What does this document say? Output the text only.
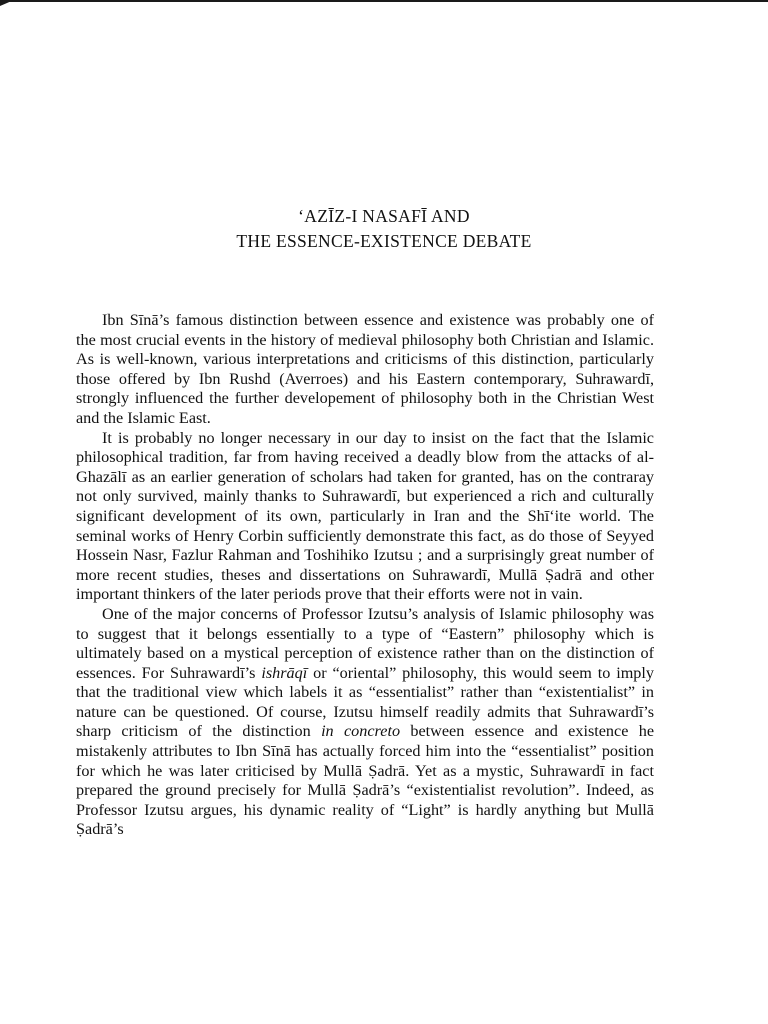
‘AZĪZ-I NASAFĪ AND
THE ESSENCE-EXISTENCE DEBATE

Ibn Sīnā’s famous distinction between essence and existence was probably one of the most crucial events in the history of medieval philosophy both Christian and Islamic. As is well-known, various interpretations and criticisms of this distinction, particularly those offered by Ibn Rushd (Averroes) and his Eastern contemporary, Suhrawardī, strongly influenced the further developement of philosophy both in the Christian West and the Islamic East.

It is probably no longer necessary in our day to insist on the fact that the Islamic philosophical tradition, far from having received a deadly blow from the attacks of al-Ghazālī as an earlier generation of scholars had taken for granted, has on the contraray not only survived, mainly thanks to Suhrawardī, but experienced a rich and culturally significant development of its own, particularly in Iran and the Shī‘ite world. The seminal works of Henry Corbin sufficiently demonstrate this fact, as do those of Seyyed Hossein Nasr, Fazlur Rahman and Toshihiko Izutsu ; and a surprisingly great number of more recent studies, theses and dissertations on Suhrawardī, Mullā Ṣadrā and other important thinkers of the later periods prove that their efforts were not in vain.

One of the major concerns of Professor Izutsu’s analysis of Islamic philosophy was to suggest that it belongs essentially to a type of “Eastern” philosophy which is ultimately based on a mystical perception of existence rather than on the distinction of essences. For Suhrawardī’s ishrāqī or “oriental” philosophy, this would seem to imply that the traditional view which labels it as “essentialist” rather than “existentialist” in nature can be questioned. Of course, Izutsu himself readily admits that Suhrawardī’s sharp criticism of the distinction in concreto between essence and existence he mistakenly attributes to Ibn Sīnā has actually forced him into the “essentialist” position for which he was later criticised by Mullā Ṣadrā. Yet as a mystic, Suhrawardī in fact prepared the ground precisely for Mullā Ṣadrā’s “existentialist revolution”. Indeed, as Professor Izutsu argues, his dynamic reality of “Light” is hardly anything but Mullā Ṣadrā’s
